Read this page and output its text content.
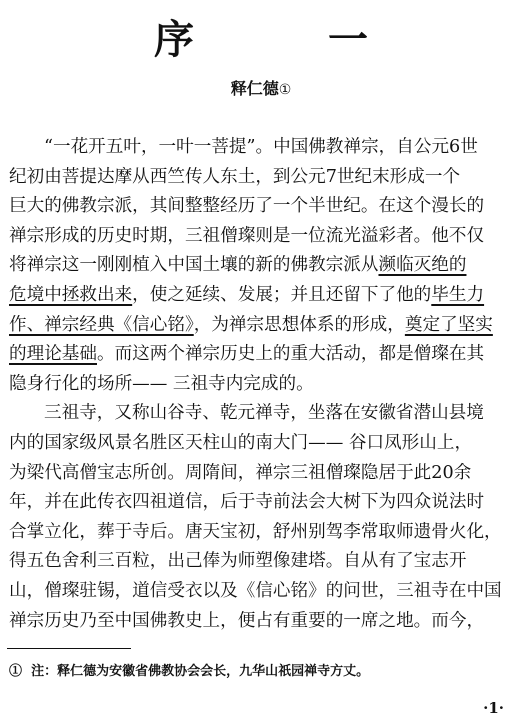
序 一
释仁德①
“一花开五叶，一叶一菩提”。中国佛教禅宗，自公元6世
纪初由菩提达摩从西竺传人东土，到公元7世纪末形成一个
巨大的佛教宗派，其间整整经历了一个半世纪。在这个漫长的
禅宗形成的历史时期，三祖僧璨则是一位流光溢彩者。他不仅
将禅宗这一刚刚植入中国土壤的新的佛教宗派从濒临灭绝的
危境中拯救出来，使之延续、发展；并且还留下了他的毕生力
作、禅宗经典《信心铭》，为禅宗思想体系的形成，奠定了坚实
的理论基础。而这两个禅宗历史上的重大活动，都是僧璨在其
隐身行化的场所—— 三祖寺内完成的。
三祖寺，又称山谷寺、乾元禅寺，坐落在安徽省潜山县境
内的国家级风景名胜区天柱山的南大门—— 谷口凤形山上，
为梁代高僧宝志所创。周隋间，禅宗三祖僧璨隐居于此20余
年，并在此传衣四祖道信，后于寺前法会大树下为四众说法时
合掌立化，葬于寺后。唐天宝初，舒州别驾李常取师遗骨火化，
得五色舍利三百粒，出己俸为师塑像建塔。自从有了宝志开
山，僧璨驻锡，道信受衣以及《信心铭》的问世，三祖寺在中国
禅宗历史乃至中国佛教史上，便占有重要的一席之地。而今，
① 注：释仁德为安徽省佛教协会会长，九华山祇园禅寺方丈。
·1·
